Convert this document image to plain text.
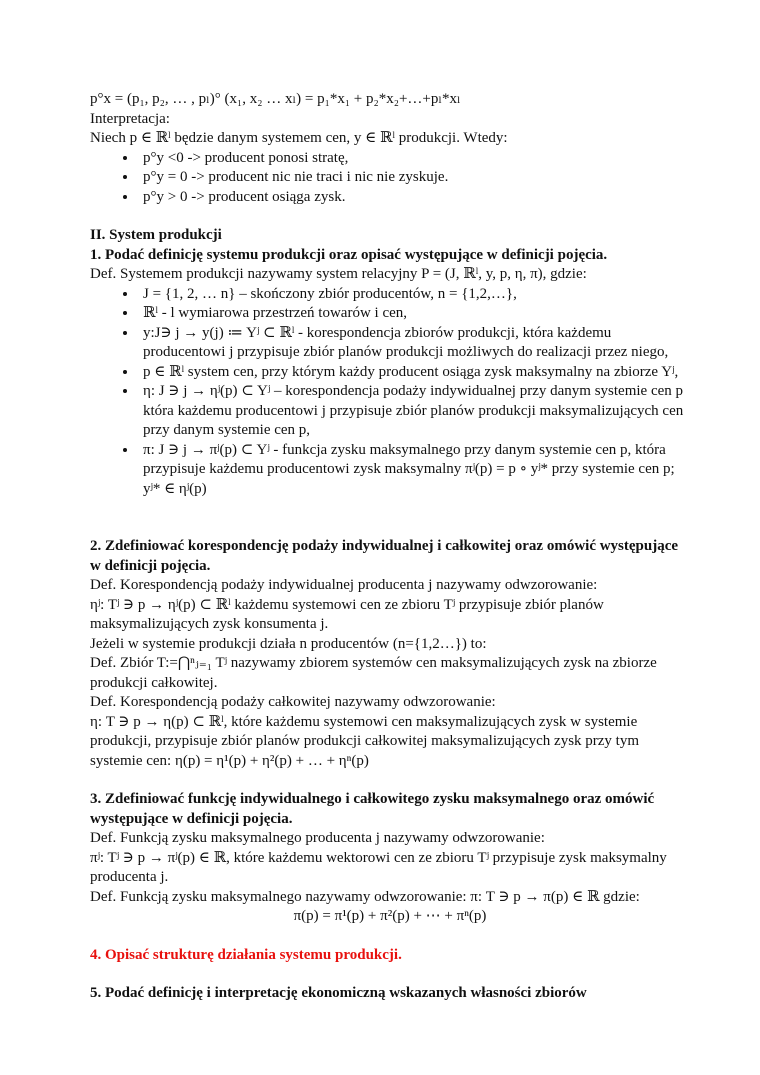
p°x = (p₁, p₂, … , pₗ)° (x₁, x₂ … xₗ) = p₁*x₁ + p₂*x₂+…+pₗ*xₗ

Interpretacja:

Niech p ∈ ℝˡ będzie danym systemem cen, y ∈ ℝˡ produkcji. Wtedy:

• p°y <0 -> producent ponosi stratę,
• p°y = 0 -> producent nic nie traci i nic nie zyskuje.
• p°y > 0 -> producent osiąga zysk.

II. System produkcji

1. Podać definicję systemu produkcji oraz opisać występujące w definicji pojęcia.

Def. Systemem produkcji nazywamy system relacyjny P = (J, ℝˡ, y, p, η, π), gdzie:

• J = {1, 2, … n} – skończony zbiór producentów, n = {1,2,…},
• ℝˡ - l wymiarowa przestrzeń towarów i cen,
• y:J∋ j → y(j) ≔ Yʲ ⊂ ℝˡ - korespondencja zbiorów produkcji, która każdemu producentowi j przypisuje zbiór planów produkcji możliwych do realizacji przez niego,
• p ∈ ℝˡ system cen, przy którym każdy producent osiąga zysk maksymalny na zbiorze Yʲ,
• η: J ∋ j → ηʲ(p) ⊂ Yʲ – korespondencja podaży indywidualnej przy danym systemie cen p która każdemu producentowi j przypisuje zbiór planów produkcji maksymalizujących cen przy danym systemie cen p,
• π: J ∋ j → πʲ(p) ⊂ Yʲ - funkcja zysku maksymalnego przy danym systemie cen p, która przypisuje każdemu producentowi zysk maksymalny πʲ(p) = p ∘ yʲ* przy systemie cen p; yʲ* ∈ ηʲ(p)

2. Zdefiniować korespondencję podaży indywidualnej i całkowitej oraz omówić występujące w definicji pojęcia.

Def. Korespondencją podaży indywidualnej producenta j nazywamy odwzorowanie:

ηʲ: Tʲ ∋ p → ηʲ(p) ⊂ ℝˡ każdemu systemowi cen ze zbioru Tʲ przypisuje zbiór planów maksymalizujących zysk konsumenta j.

Jeżeli w systemie produkcji działa n producentów (n={1,2…}) to:

Def. Zbiór T:=⋂ⁿⱼ₌₁ Tʲ nazywamy zbiorem systemów cen maksymalizujących zysk na zbiorze produkcji całkowitej.

Def. Korespondencją podaży całkowitej nazywamy odwzorowanie:

η: T ∋ p → η(p) ⊂ ℝˡ, które każdemu systemowi cen maksymalizujących zysk w systemie produkcji, przypisuje zbiór planów produkcji całkowitej maksymalizujących zysk przy tym systemie cen: η(p) = η¹(p) + η²(p) + … + ηⁿ(p)

3. Zdefiniować funkcję indywidualnego i całkowitego zysku maksymalnego oraz omówić występujące w definicji pojęcia.

Def. Funkcją zysku maksymalnego producenta j nazywamy odwzorowanie:

πʲ: Tʲ ∋ p → πʲ(p) ∈ ℝ, które każdemu wektorowi cen ze zbioru Tʲ przypisuje zysk maksymalny producenta j.

Def. Funkcją zysku maksymalnego nazywamy odwzorowanie: π: T ∋ p → π(p) ∈ ℝ gdzie:

π(p) = π¹(p) + π²(p) + ⋯ + πⁿ(p)

4. Opisać strukturę działania systemu produkcji.

5. Podać definicję i interpretację ekonomiczną wskazanych własności zbiorów
